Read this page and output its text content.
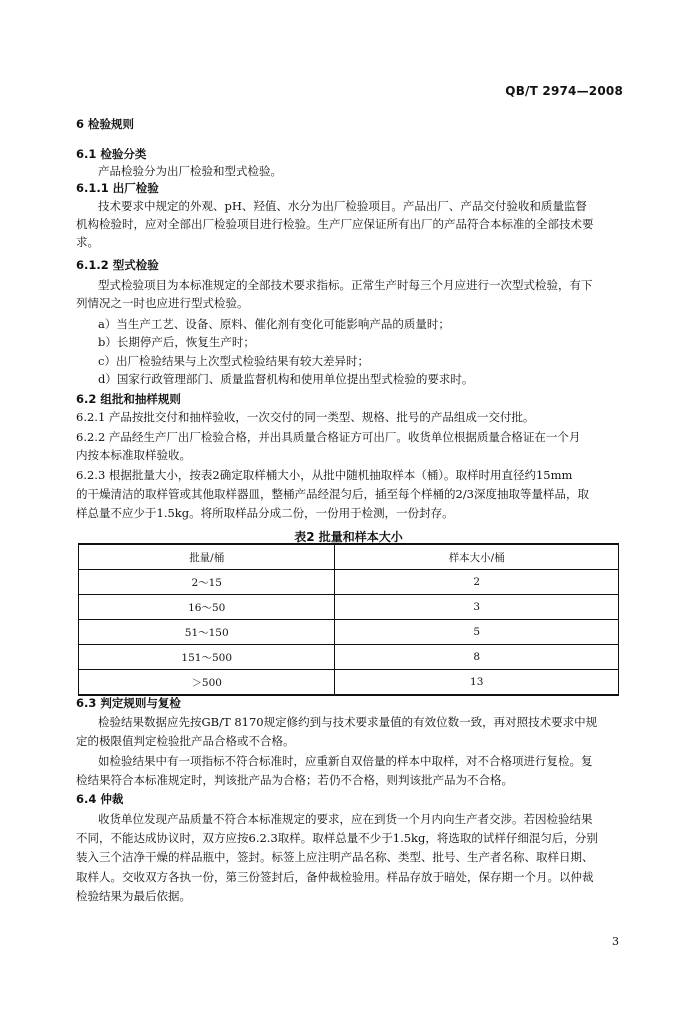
QB/T 2974—2008
6 检验规则
6.1 检验分类
产品检验分为出厂检验和型式检验。
6.1.1 出厂检验
技术要求中规定的外观、pH、羟值、水分为出厂检验项目。产品出厂、产品交付验收和质量监督
机构检验时，应对全部出厂检验项目进行检验。生产厂应保证所有出厂的产品符合本标准的全部技术要
求。
6.1.2 型式检验
型式检验项目为本标准规定的全部技术要求指标。正常生产时每三个月应进行一次型式检验，有下
列情况之一时也应进行型式检验。
a）当生产工艺、设备、原料、催化剂有变化可能影响产品的质量时；
b）长期停产后，恢复生产时；
c）出厂检验结果与上次型式检验结果有较大差异时；
d）国家行政管理部门、质量监督机构和使用单位提出型式检验的要求时。
6.2 组批和抽样规则
6.2.1 产品按批交付和抽样验收，一次交付的同一类型、规格、批号的产品组成一交付批。
6.2.2 产品经生产厂出厂检验合格，并出具质量合格证方可出厂。收货单位根据质量合格证在一个月
内按本标准取样验收。
6.2.3 根据批量大小，按表2确定取样桶大小，从批中随机抽取样本（桶）。取样时用直径约15mm
的干燥清洁的取样管或其他取样器皿，整桶产品经混匀后，插至每个样桶的2/3深度抽取等量样品，取
样总量不应少于1.5kg。将所取样品分成二份，一份用于检测，一份封存。
表2 批量和样本大小
批量/桶	样本大小/桶
2～15	2
16～50	3
51～150	5
151～500	8
＞500	13
6.3 判定规则与复检
检验结果数据应先按GB/T 8170规定修约到与技术要求量值的有效位数一致，再对照技术要求中规
定的极限值判定检验批产品合格或不合格。
如检验结果中有一项指标不符合标准时，应重新自双倍量的样本中取样，对不合格项进行复检。复
检结果符合本标准规定时，判该批产品为合格；若仍不合格，则判该批产品为不合格。
6.4 仲裁
收货单位发现产品质量不符合本标准规定的要求，应在到货一个月内向生产者交涉。若因检验结果
不同，不能达成协议时，双方应按6.2.3取样。取样总量不少于1.5kg，将选取的试样仔细混匀后，分别
装入三个洁净干燥的样品瓶中，签封。标签上应注明产品名称、类型、批号、生产者名称、取样日期、
取样人。交收双方各执一份，第三份签封后，备仲裁检验用。样品存放于暗处，保存期一个月。以仲裁
检验结果为最后依据。
3
